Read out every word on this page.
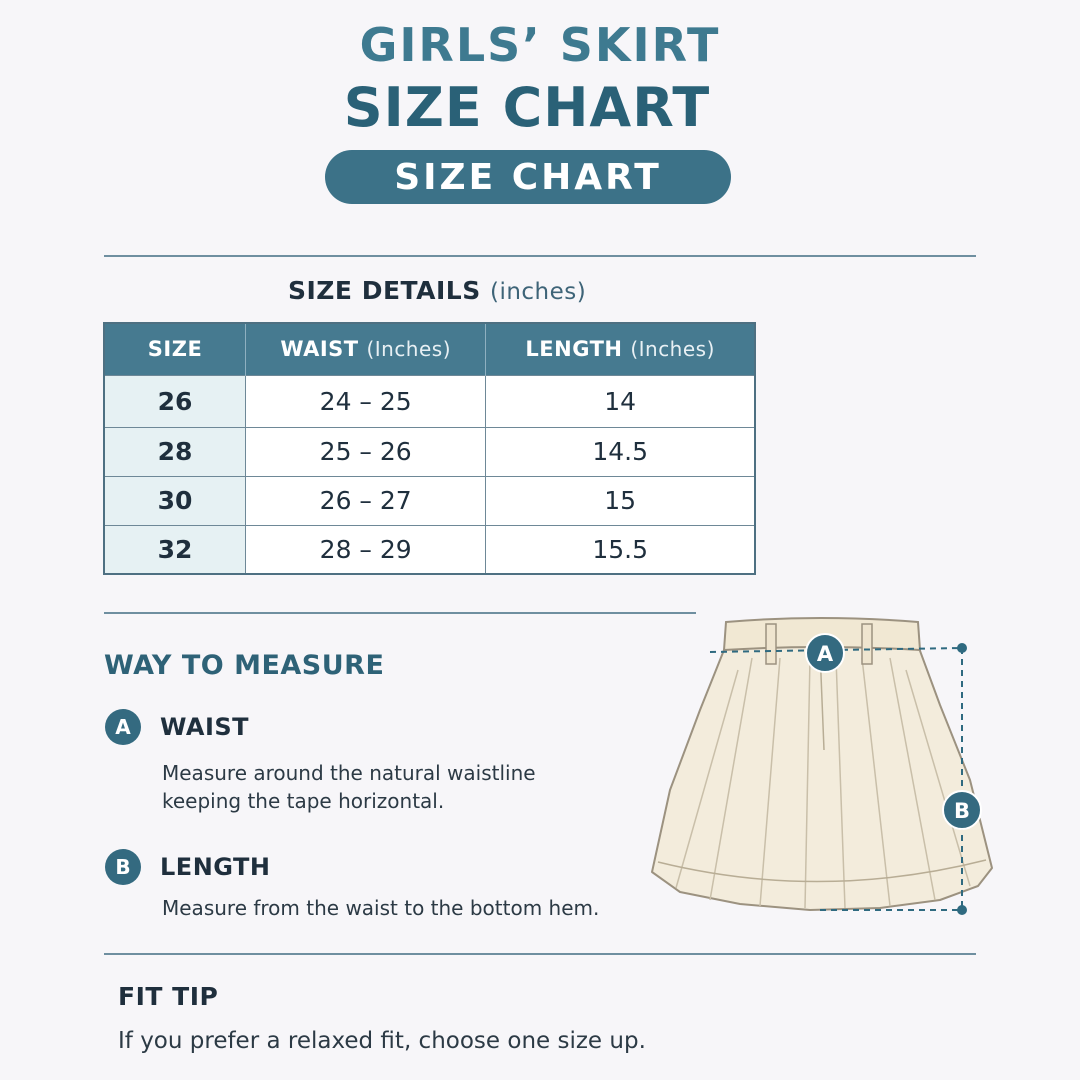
GIRLS’ SKIRT
SIZE CHART
SIZE CHART
SIZE DETAILS (inches)
SIZE	WAIST (Inches)	LENGTH (Inches)
26	24 – 25	14
28	25 – 26	14.5
30	26 – 27	15
32	28 – 29	15.5
WAY TO MEASURE
A	WAIST
Measure around the natural waistline
keeping the tape horizontal.
B	LENGTH
Measure from the waist to the bottom hem.
A
B
FIT TIP
If you prefer a relaxed fit, choose one size up.
